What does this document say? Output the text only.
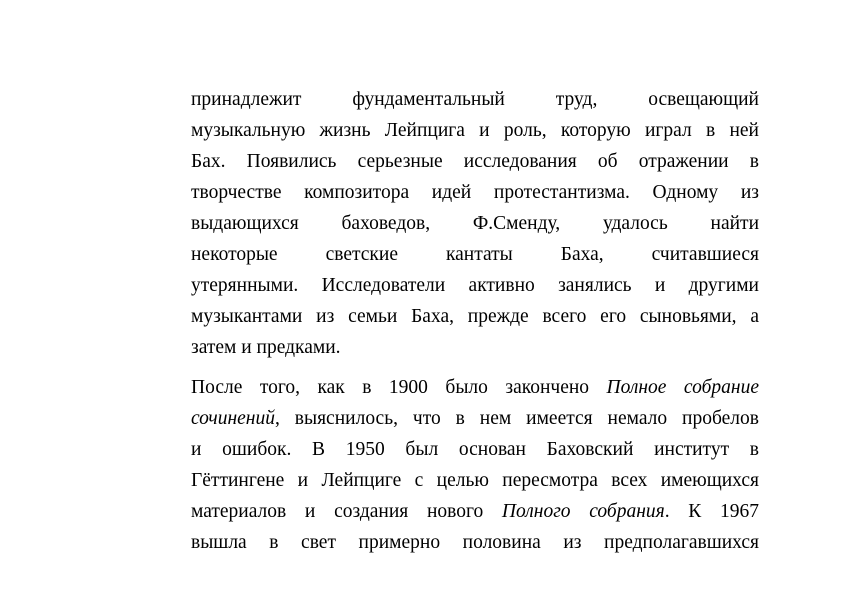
принадлежит фундаментальный труд, освещающий
музыкальную жизнь Лейпцига и роль, которую играл в ней
Бах. Появились серьезные исследования об отражении в
творчестве композитора идей протестантизма. Одному из
выдающихся баховедов, Ф.Сменду, удалось найти
некоторые светские кантаты Баха, считавшиеся
утерянными. Исследователи активно занялись и другими
музыкантами из семьи Баха, прежде всего его сыновьями, а
затем и предками.

После того, как в 1900 было закончено Полное собрание
сочинений, выяснилось, что в нем имеется немало пробелов
и ошибок. В 1950 был основан Баховский институт в
Гёттингене и Лейпциге с целью пересмотра всех имеющихся
материалов и создания нового Полного собрания. К 1967
вышла в свет примерно половина из предполагавшихся
